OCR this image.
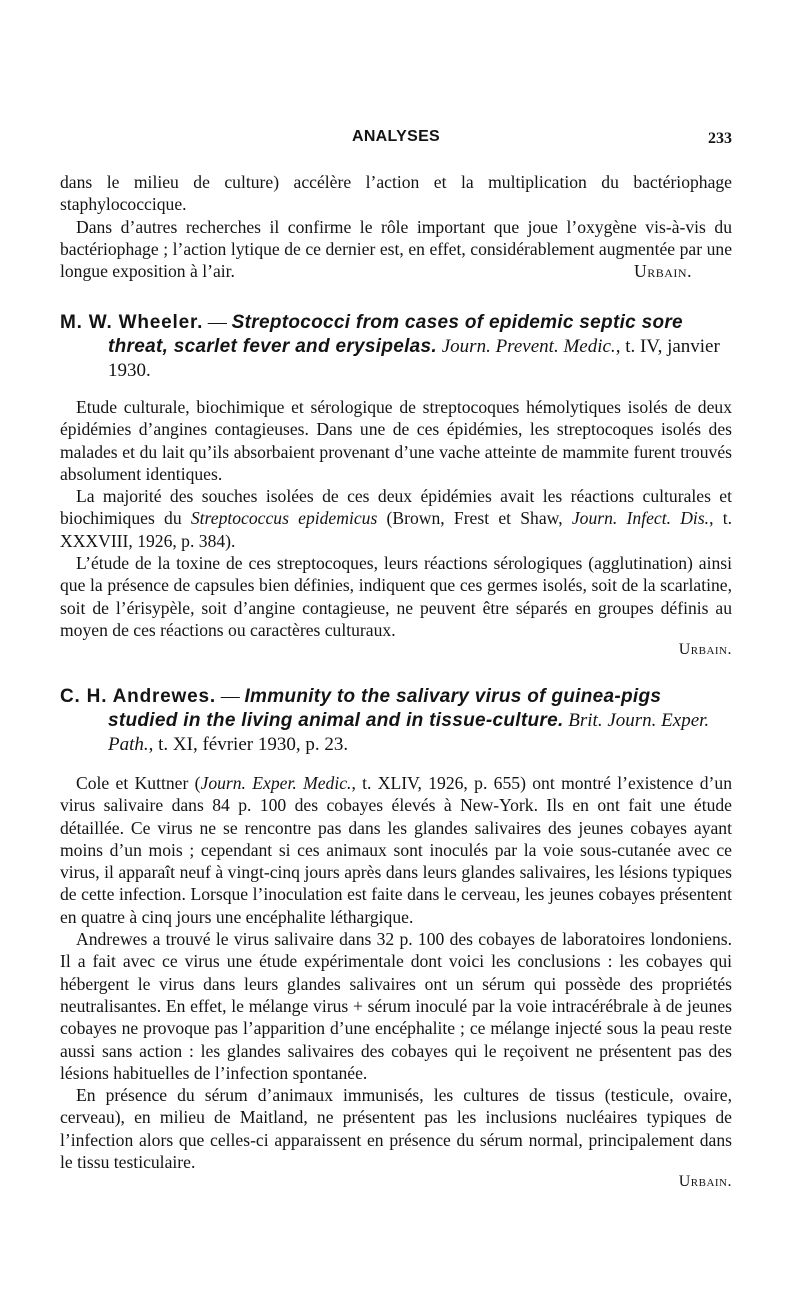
ANALYSES	233

dans le milieu de culture) accélère l’action et la multiplication du bactériophage staphylococcique.

Dans d’autres recherches il confirme le rôle important que joue l’oxygène vis-à-vis du bactériophage ; l’action lytique de ce dernier est, en effet, considérablement augmentée par une longue exposition à l’air.	Urbain.

M. W. Wheeler. — Streptococci from cases of epidemic septic sore threat, scarlet fever and erysipelas. Journ. Prevent. Medic., t. IV, janvier 1930.

Etude culturale, biochimique et sérologique de streptocoques hémolytiques isolés de deux épidémies d’angines contagieuses. Dans une de ces épidémies, les streptocoques isolés des malades et du lait qu’ils absorbaient provenant d’une vache atteinte de mammite furent trouvés absolument identiques.

La majorité des souches isolées de ces deux épidémies avait les réactions culturales et biochimiques du Streptococcus epidemicus (Brown, Frest et Shaw, Journ. Infect. Dis., t. XXXVIII, 1926, p. 384).

L’étude de la toxine de ces streptocoques, leurs réactions sérologiques (agglutination) ainsi que la présence de capsules bien définies, indiquent que ces germes isolés, soit de la scarlatine, soit de l’érisypèle, soit d’angine contagieuse, ne peuvent être séparés en groupes définis au moyen de ces réactions ou caractères culturaux.

Urbain.

C. H. Andrewes. — Immunity to the salivary virus of guinea-pigs studied in the living animal and in tissue-culture. Brit. Journ. Exper. Path., t. XI, février 1930, p. 23.

Cole et Kuttner (Journ. Exper. Medic., t. XLIV, 1926, p. 655) ont montré l’existence d’un virus salivaire dans 84 p. 100 des cobayes élevés à New-York. Ils en ont fait une étude détaillée. Ce virus ne se rencontre pas dans les glandes salivaires des jeunes cobayes ayant moins d’un mois ; cependant si ces animaux sont inoculés par la voie sous-cutanée avec ce virus, il apparaît neuf à vingt-cinq jours après dans leurs glandes salivaires, les lésions typiques de cette infection. Lorsque l’inoculation est faite dans le cerveau, les jeunes cobayes présentent en quatre à cinq jours une encéphalite léthargique.

Andrewes a trouvé le virus salivaire dans 32 p. 100 des cobayes de laboratoires londoniens. Il a fait avec ce virus une étude expérimentale dont voici les conclusions : les cobayes qui hébergent le virus dans leurs glandes salivaires ont un sérum qui possède des propriétés neutralisantes. En effet, le mélange virus + sérum inoculé par la voie intracérébrale à de jeunes cobayes ne provoque pas l’apparition d’une encéphalite ; ce mélange injecté sous la peau reste aussi sans action : les glandes salivaires des cobayes qui le reçoivent ne présentent pas des lésions habituelles de l’infection spontanée.

En présence du sérum d’animaux immunisés, les cultures de tissus (testicule, ovaire, cerveau), en milieu de Maitland, ne présentent pas les inclusions nucléaires typiques de l’infection alors que celles-ci apparaissent en présence du sérum normal, principalement dans le tissu testiculaire.

Urbain.
